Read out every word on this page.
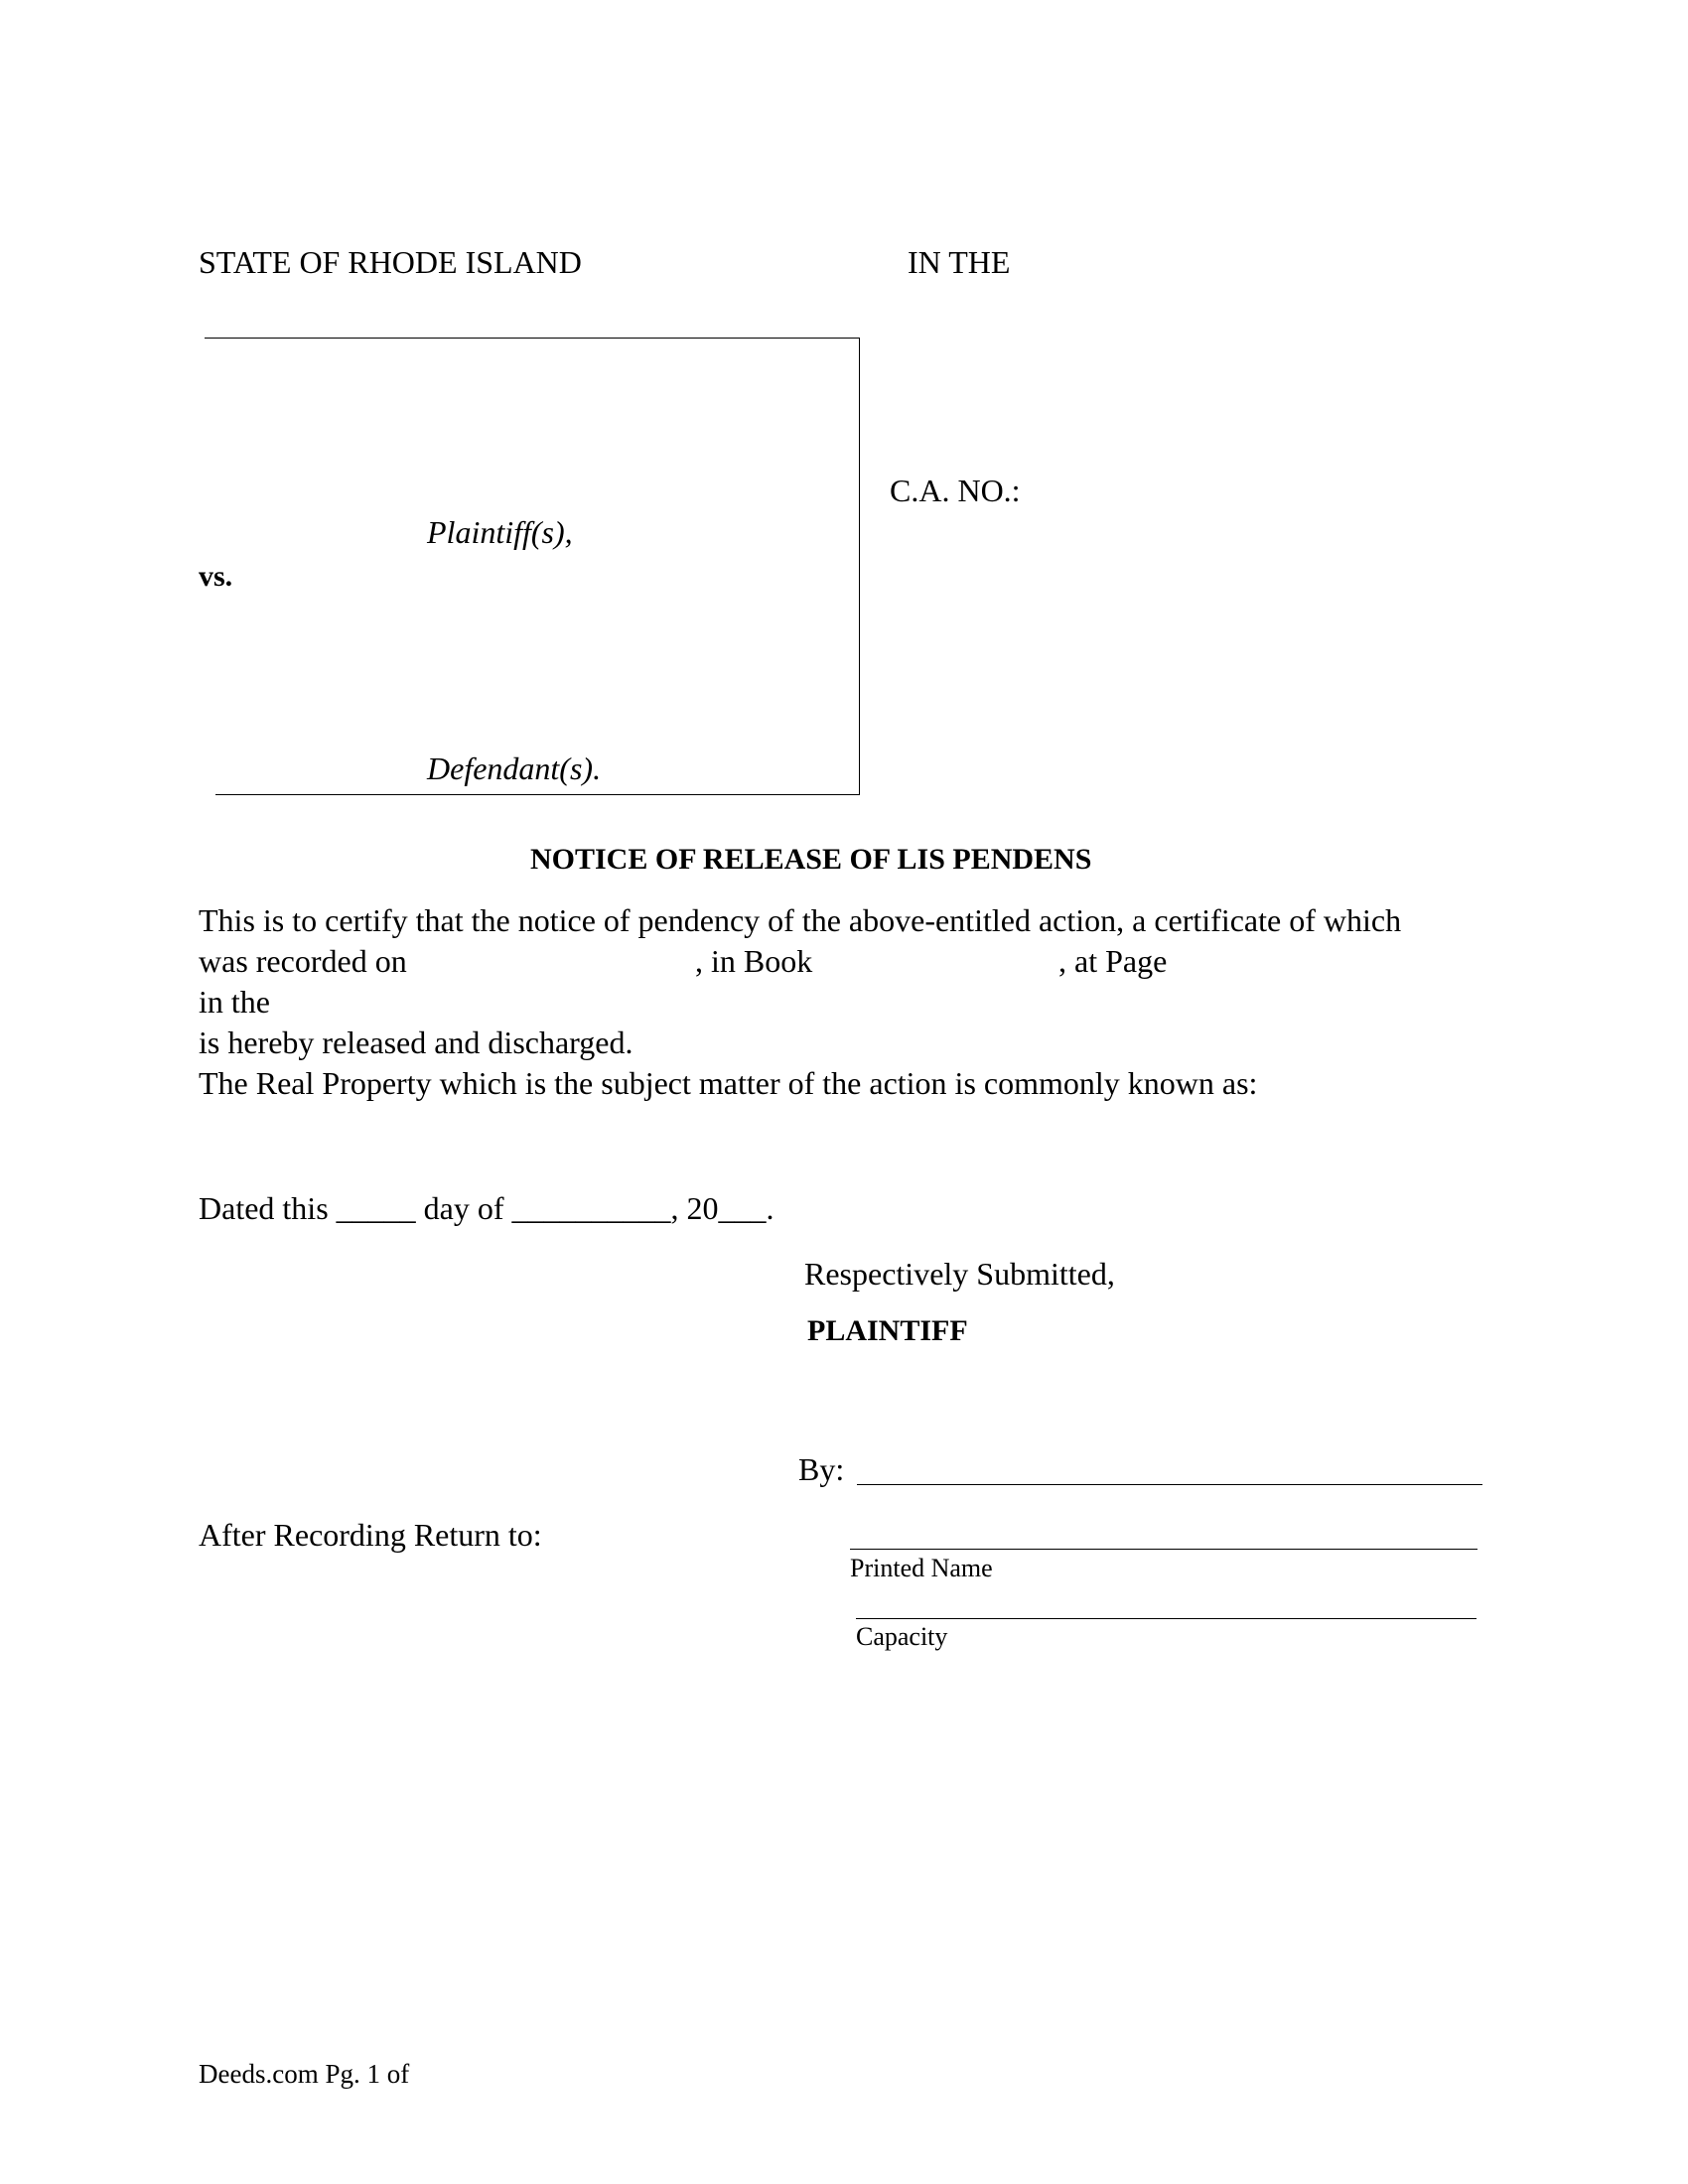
STATE OF RHODE ISLAND	IN THE
C.A. NO.:
Plaintiff(s),
vs.
Defendant(s).
NOTICE OF RELEASE OF LIS PENDENS
This is to certify that the notice of pendency of the above-entitled action, a certificate of which
was recorded on	, in Book	, at Page
in the
is hereby released and discharged.
The Real Property which is the subject matter of the action is commonly known as:
Dated this _____ day of __________, 20___.
Respectively Submitted,
PLAINTIFF
By:
After Recording Return to:
Printed Name
Capacity
Deeds.com Pg. 1 of
